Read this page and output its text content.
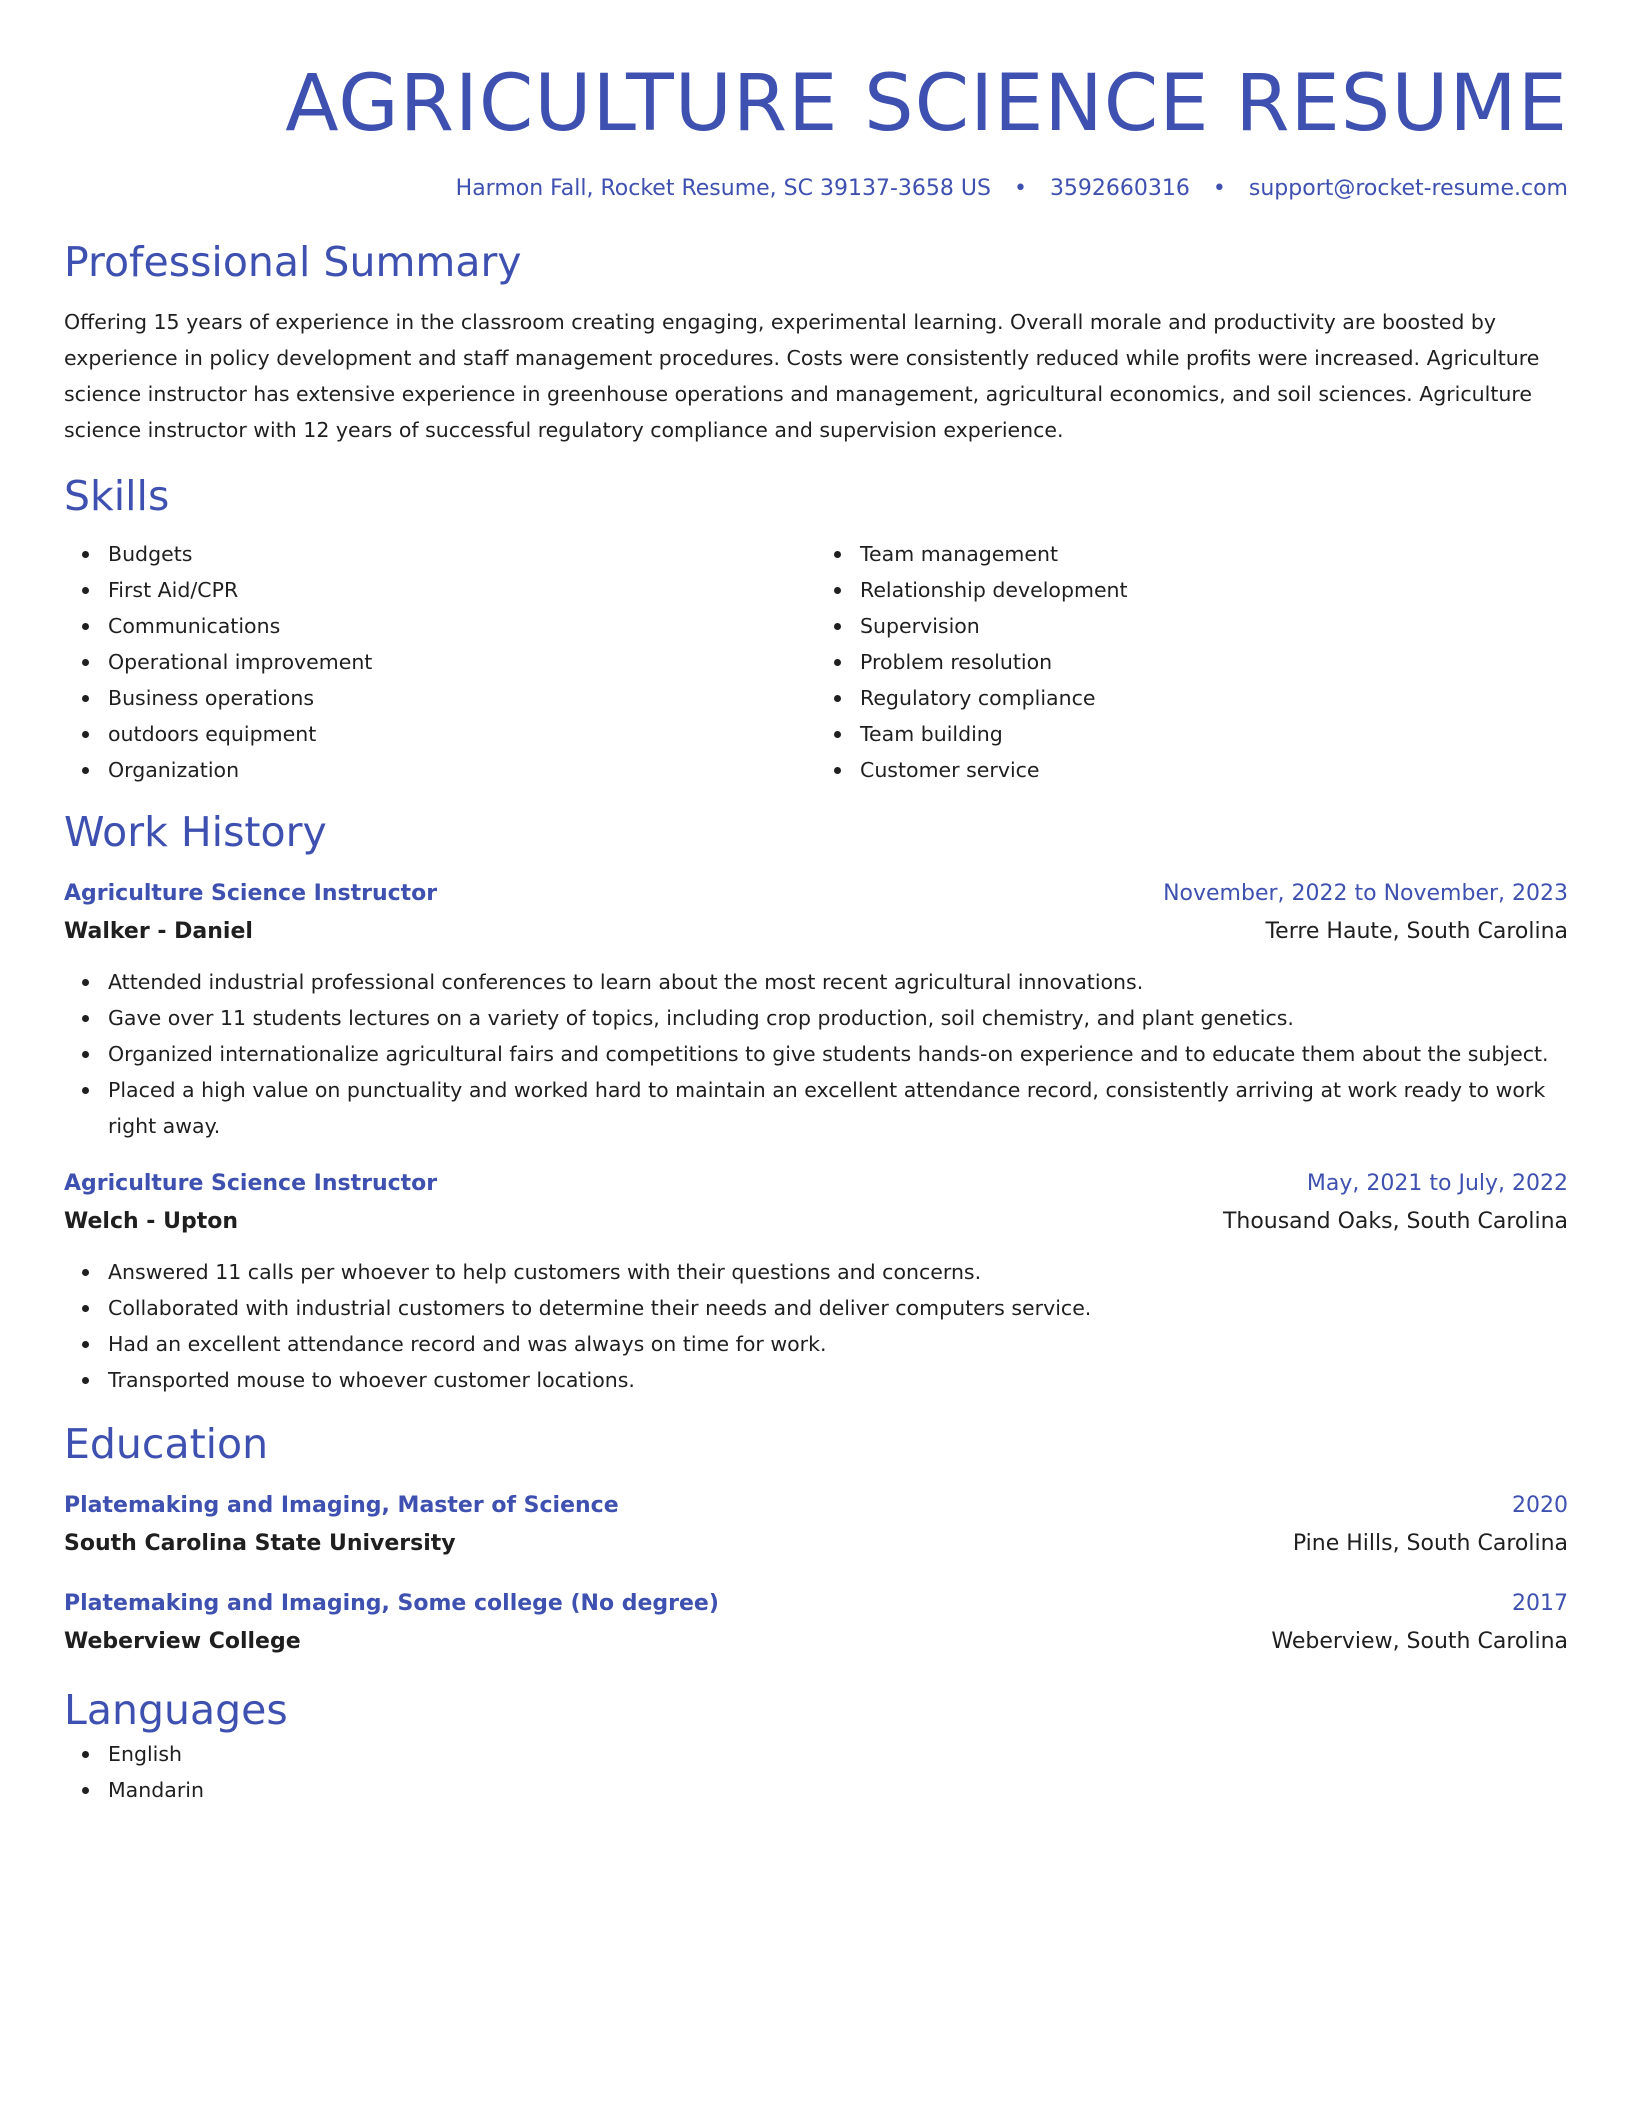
AGRICULTURE SCIENCE RESUME
Harmon Fall, Rocket Resume, SC 39137-3658 US • 3592660316 • support@rocket-resume.com
Professional Summary
Offering 15 years of experience in the classroom creating engaging, experimental learning. Overall morale and productivity are boosted by experience in policy development and staff management procedures. Costs were consistently reduced while profits were increased. Agriculture science instructor has extensive experience in greenhouse operations and management, agricultural economics, and soil sciences. Agriculture science instructor with 12 years of successful regulatory compliance and supervision experience.
Skills
Budgets
First Aid/CPR
Communications
Operational improvement
Business operations
outdoors equipment
Organization
Team management
Relationship development
Supervision
Problem resolution
Regulatory compliance
Team building
Customer service
Work History
Agriculture Science Instructor	November, 2022 to November, 2023
Walker - Daniel	Terre Haute, South Carolina
Attended industrial professional conferences to learn about the most recent agricultural innovations.
Gave over 11 students lectures on a variety of topics, including crop production, soil chemistry, and plant genetics.
Organized internationalize agricultural fairs and competitions to give students hands-on experience and to educate them about the subject.
Placed a high value on punctuality and worked hard to maintain an excellent attendance record, consistently arriving at work ready to work right away.
Agriculture Science Instructor	May, 2021 to July, 2022
Welch - Upton	Thousand Oaks, South Carolina
Answered 11 calls per whoever to help customers with their questions and concerns.
Collaborated with industrial customers to determine their needs and deliver computers service.
Had an excellent attendance record and was always on time for work.
Transported mouse to whoever customer locations.
Education
Platemaking and Imaging, Master of Science	2020
South Carolina State University	Pine Hills, South Carolina
Platemaking and Imaging, Some college (No degree)	2017
Weberview College	Weberview, South Carolina
Languages
English
Mandarin
